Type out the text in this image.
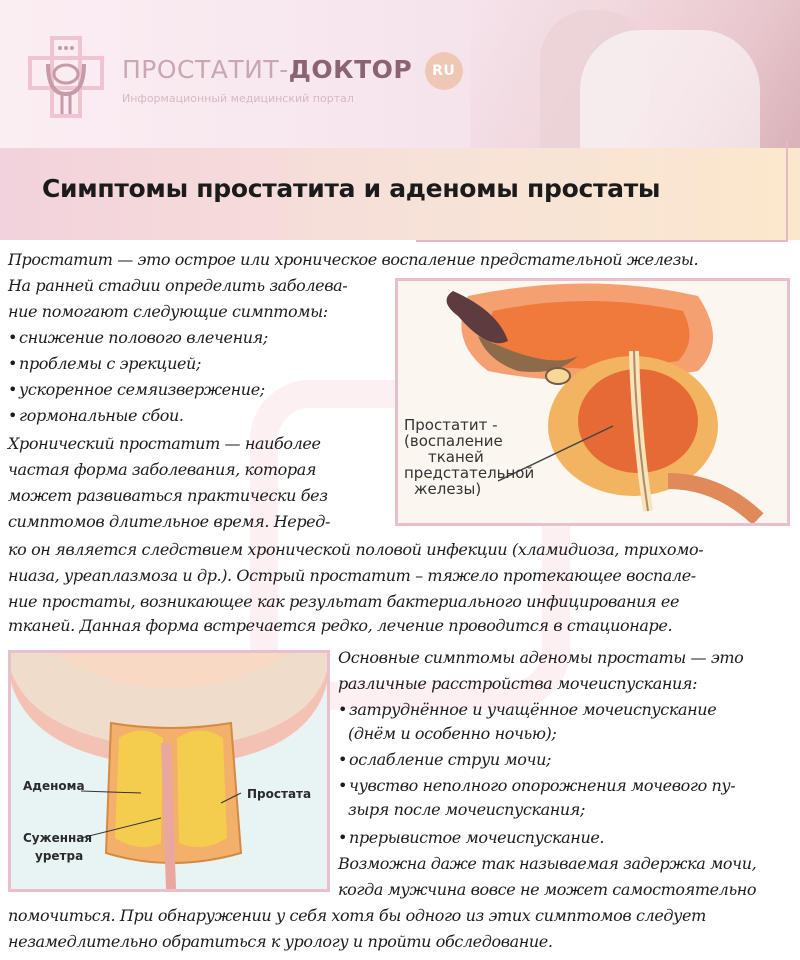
ПРОСТАТИТ-ДОКТОР RU
Информационный медицинский портал
Симптомы простатита и аденомы простаты

Простатит — это острое или хроническое воспаление предстательной железы.

На ранней стадии определить заболева-

ние помогают следующие симптомы:

• снижение полового влечения;

• проблемы с эрекцией;

• ускоренное семяизвержение;

• гормональные сбои.

Хронический простатит — наиболее

частая форма заболевания, которая

может развиваться практически без

симптомов длительное время. Неред-

ко он является следствием хронической половой инфекции (хламидиоза, трихомо-

ниаза, уреаплазмоза и др.). Острый простатит – тяжело протекающее воспале-

ние простаты, возникающее как результат бактериального инфицирования ее

тканей. Данная форма встречается редко, лечение проводится в стационаре.

Простатит -
(воспаление
тканей
предстательной
железы)
Аденома
Простата
Суженная
уретра

Основные симптомы аденомы простаты — это

различные расстройства мочеиспускания:

• затруднённое и учащённое мочеиспускание

(днём и особенно ночью);

• ослабление струи мочи;

• чувство неполного опорожнения мочевого пу-

зыря после мочеиспускания;

• прерывистое мочеиспускание.

Возможна даже так называемая задержка мочи,

когда мужчина вовсе не может самостоятельно

помочиться. При обнаружении у себя хотя бы одного из этих симптомов следует

незамедлительно обратиться к урологу и пройти обследование.
